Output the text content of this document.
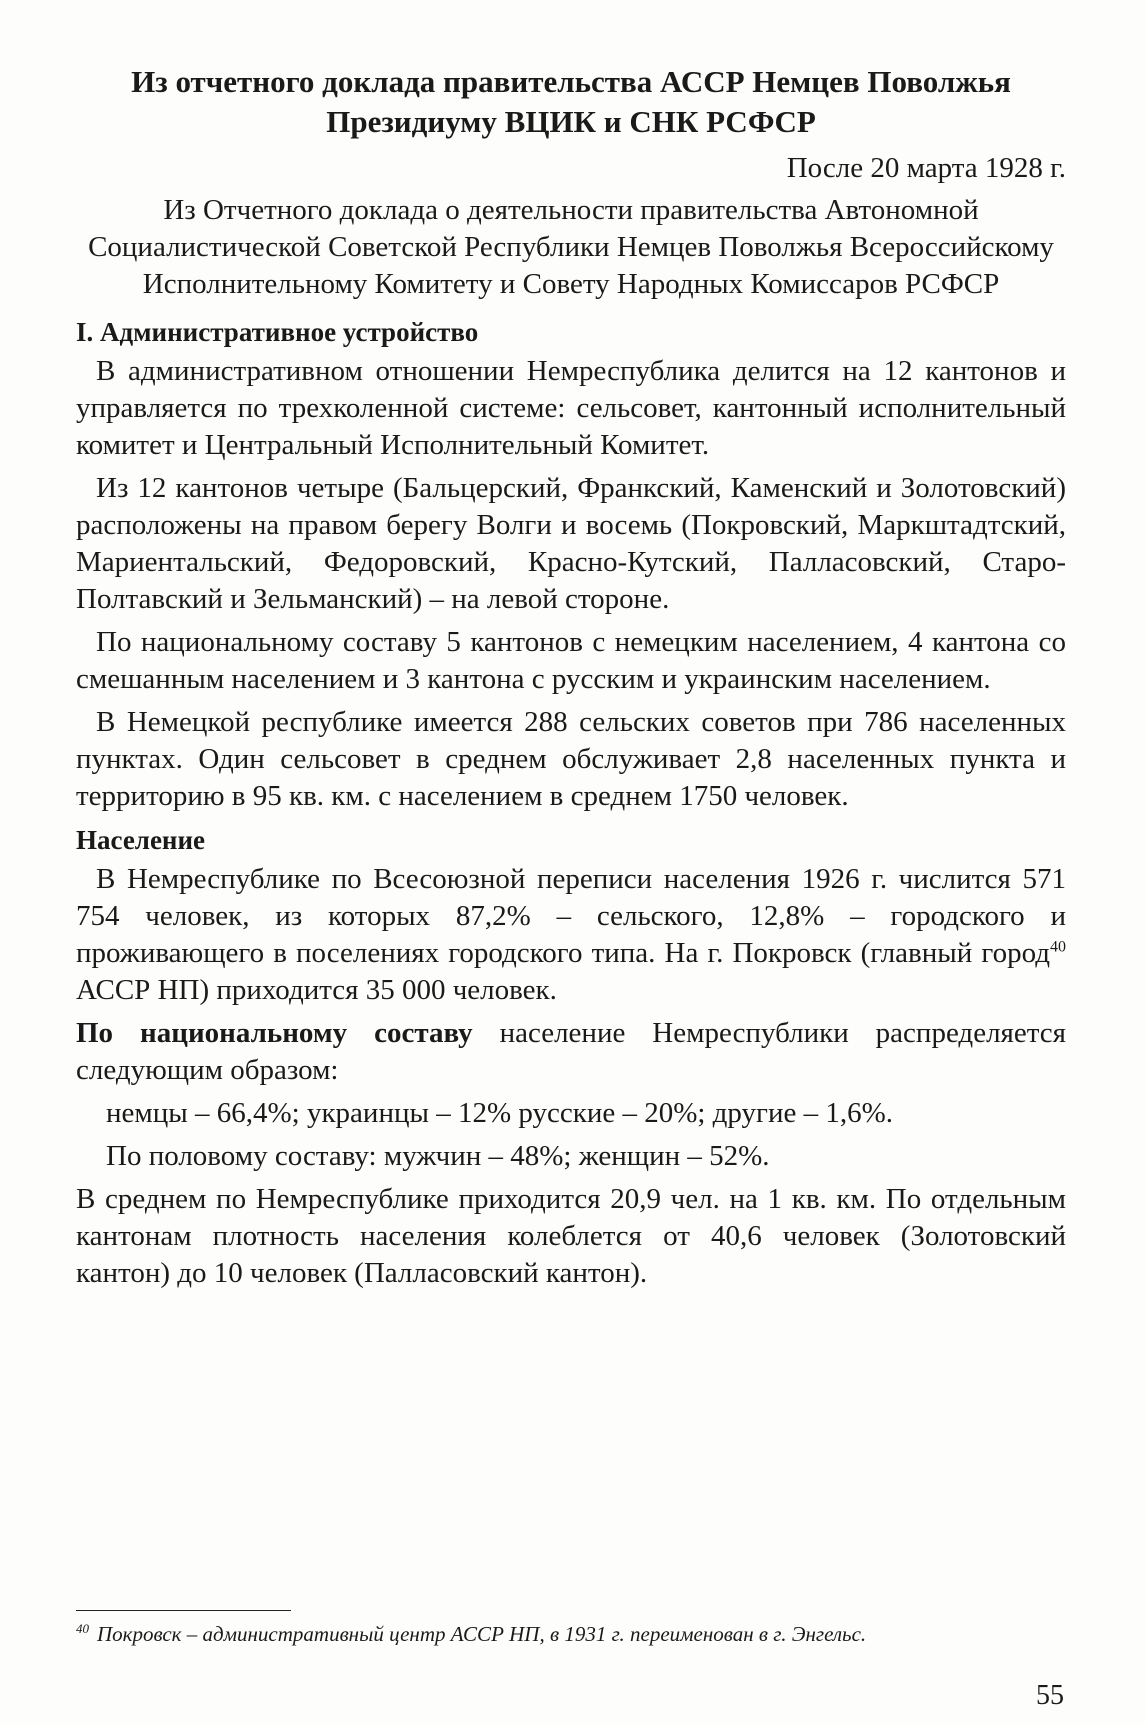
Из отчетного доклада правительства АССР Немцев Поволжья
Президиуму ВЦИК и СНК РСФСР
После 20 марта 1928 г.
Из Отчетного доклада о деятельности правительства Автономной Социалистической Советской Республики Немцев Поволжья Всероссийскому Исполнительному Комитету и Совету Народных Комиссаров РСФСР
I. Административное устройство

В административном отношении Немреспублика делится на 12 кантонов и управляется по трехколенной системе: сельсовет, кантонный исполнительный комитет и Центральный Исполнительный Комитет.

Из 12 кантонов четыре (Бальцерский, Франкский, Каменский и Золотовский) расположены на правом берегу Волги и восемь (Покровский, Маркштадтский, Мариентальский, Федоровский, Красно-Кутский, Палласовский, Старо-Полтавский и Зельманский) – на левой стороне.

По национальному составу 5 кантонов с немецким населением, 4 кантона со смешанным населением и 3 кантона с русским и украинским населением.

В Немецкой республике имеется 288 сельских советов при 786 населенных пунктах. Один сельсовет в среднем обслуживает 2,8 населенных пункта и территорию в 95 кв. км. с населением в среднем 1750 человек.

Население

В Немреспублике по Всесоюзной переписи населения 1926 г. числится 571 754 человек, из которых 87,2% – сельского, 12,8% – городского и проживающего в поселениях городского типа. На г. Покровск (главный город$^{40}$ АССР НП) приходится 35 000 человек.

По национальному составу население Немреспублики распределяется следующим образом:

немцы – 66,4%; украинцы – 12% русские – 20%; другие – 1,6%.

По половому составу: мужчин – 48%; женщин – 52%.

В среднем по Немреспублике приходится 20,9 чел. на 1 кв. км. По отдельным кантонам плотность населения колеблется от 40,6 человек (Золотовский кантон) до 10 человек (Палласовский кантон).

$^{40}$ Покровск – административный центр АССР НП, в 1931 г. переименован в г. Энгельс.
55
